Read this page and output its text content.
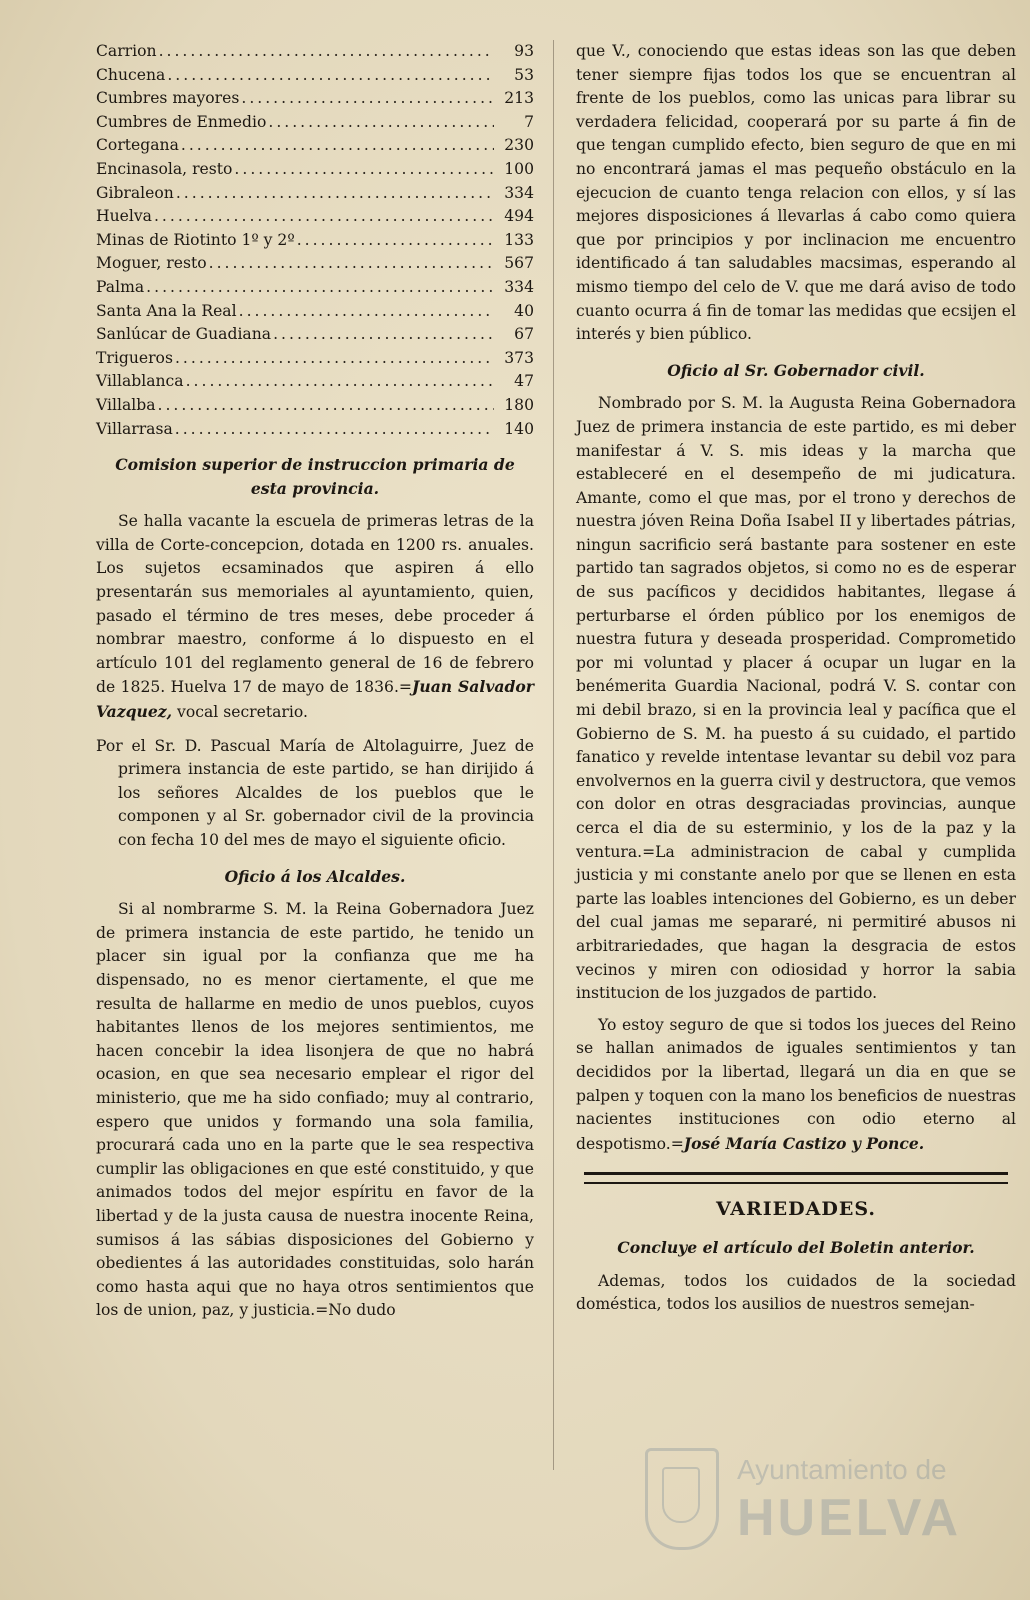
Carrion .....	93
Chucena .....	53
Cumbres mayores .....	213
Cumbres de Enmedio .....	7
Cortegana .....	230
Encinasola, resto .....	100
Gibraleon .....	334
Huelva .....	494
Minas de Riotinto 1º y 2º .....	133
Moguer, resto .....	567
Palma .....	334
Santa Ana la Real .....	40
Sanlúcar de Guadiana .....	67
Trigueros .....	373
Villablanca .....	47
Villalba .....	180
Villarrasa .....	140
Comision superior de instruccion primaria de esta provincia.

Se halla vacante la escuela de primeras letras de la villa de Corte-concepcion, dotada en 1200 rs. anuales. Los sujetos ecsaminados que aspiren á ello presentarán sus memoriales al ayuntamiento, quien, pasado el término de tres meses, debe proceder á nombrar maestro, conforme á lo dispuesto en el artículo 101 del reglamento general de 16 de febrero de 1825. Huelva 17 de mayo de 1836.=Juan Salvador Vazquez, vocal secretario.

Por el Sr. D. Pascual María de Altolaguirre, Juez de primera instancia de este partido, se han dirijido á los señores Alcaldes de los pueblos que le componen y al Sr. gobernador civil de la provincia con fecha 10 del mes de mayo el siguiente oficio.

Oficio á los Alcaldes.

Si al nombrarme S. M. la Reina Gobernadora Juez de primera instancia de este partido, he tenido un placer sin igual por la confianza que me ha dispensado, no es menor ciertamente, el que me resulta de hallarme en medio de unos pueblos, cuyos habitantes llenos de los mejores sentimientos, me hacen concebir la idea lisonjera de que no habrá ocasion, en que sea necesario emplear el rigor del ministerio, que me ha sido confiado; muy al contrario, espero que unidos y formando una sola familia, procurará cada uno en la parte que le sea respectiva cumplir las obligaciones en que esté constituido, y que animados todos del mejor espíritu en favor de la libertad y de la justa causa de nuestra inocente Reina, sumisos á las sábias disposiciones del Gobierno y obedientes á las autoridades constituidas, solo harán como hasta aqui que no haya otros sentimientos que los de union, paz, y justicia.=No dudo

que V., conociendo que estas ideas son las que deben tener siempre fijas todos los que se encuentran al frente de los pueblos, como las unicas para librar su verdadera felicidad, cooperará por su parte á fin de que tengan cumplido efecto, bien seguro de que en mi no encontrará jamas el mas pequeño obstáculo en la ejecucion de cuanto tenga relacion con ellos, y sí las mejores disposiciones á llevarlas á cabo como quiera que por principios y por inclinacion me encuentro identificado á tan saludables macsimas, esperando al mismo tiempo del celo de V. que me dará aviso de todo cuanto ocurra á fin de tomar las medidas que ecsijen el interés y bien público.

Oficio al Sr. Gobernador civil.

Nombrado por S. M. la Augusta Reina Gobernadora Juez de primera instancia de este partido, es mi deber manifestar á V. S. mis ideas y la marcha que estableceré en el desempeño de mi judicatura. Amante, como el que mas, por el trono y derechos de nuestra jóven Reina Doña Isabel II y libertades pátrias, ningun sacrificio será bastante para sostener en este partido tan sagrados objetos, si como no es de esperar de sus pacíficos y decididos habitantes, llegase á perturbarse el órden público por los enemigos de nuestra futura y deseada prosperidad. Comprometido por mi voluntad y placer á ocupar un lugar en la benémerita Guardia Nacional, podrá V. S. contar con mi debil brazo, si en la provincia leal y pacífica que el Gobierno de S. M. ha puesto á su cuidado, el partido fanatico y revelde intentase levantar su debil voz para envolvernos en la guerra civil y destructora, que vemos con dolor en otras desgraciadas provincias, aunque cerca el dia de su esterminio, y los de la paz y la ventura.=La administracion de cabal y cumplida justicia y mi constante anelo por que se llenen en esta parte las loables intenciones del Gobierno, es un deber del cual jamas me separaré, ni permitiré abusos ni arbitrariedades, que hagan la desgracia de estos vecinos y miren con odiosidad y horror la sabia institucion de los juzgados de partido.

Yo estoy seguro de que si todos los jueces del Reino se hallan animados de iguales sentimientos y tan decididos por la libertad, llegará un dia en que se palpen y toquen con la mano los beneficios de nuestras nacientes instituciones con odio eterno al despotismo.=José María Castizo y Ponce.

VARIEDADES.
Concluye el artículo del Boletin anterior.

Ademas, todos los cuidados de la sociedad doméstica, todos los ausilios de nuestros semejan-

Ayuntamiento de
HUELVA
